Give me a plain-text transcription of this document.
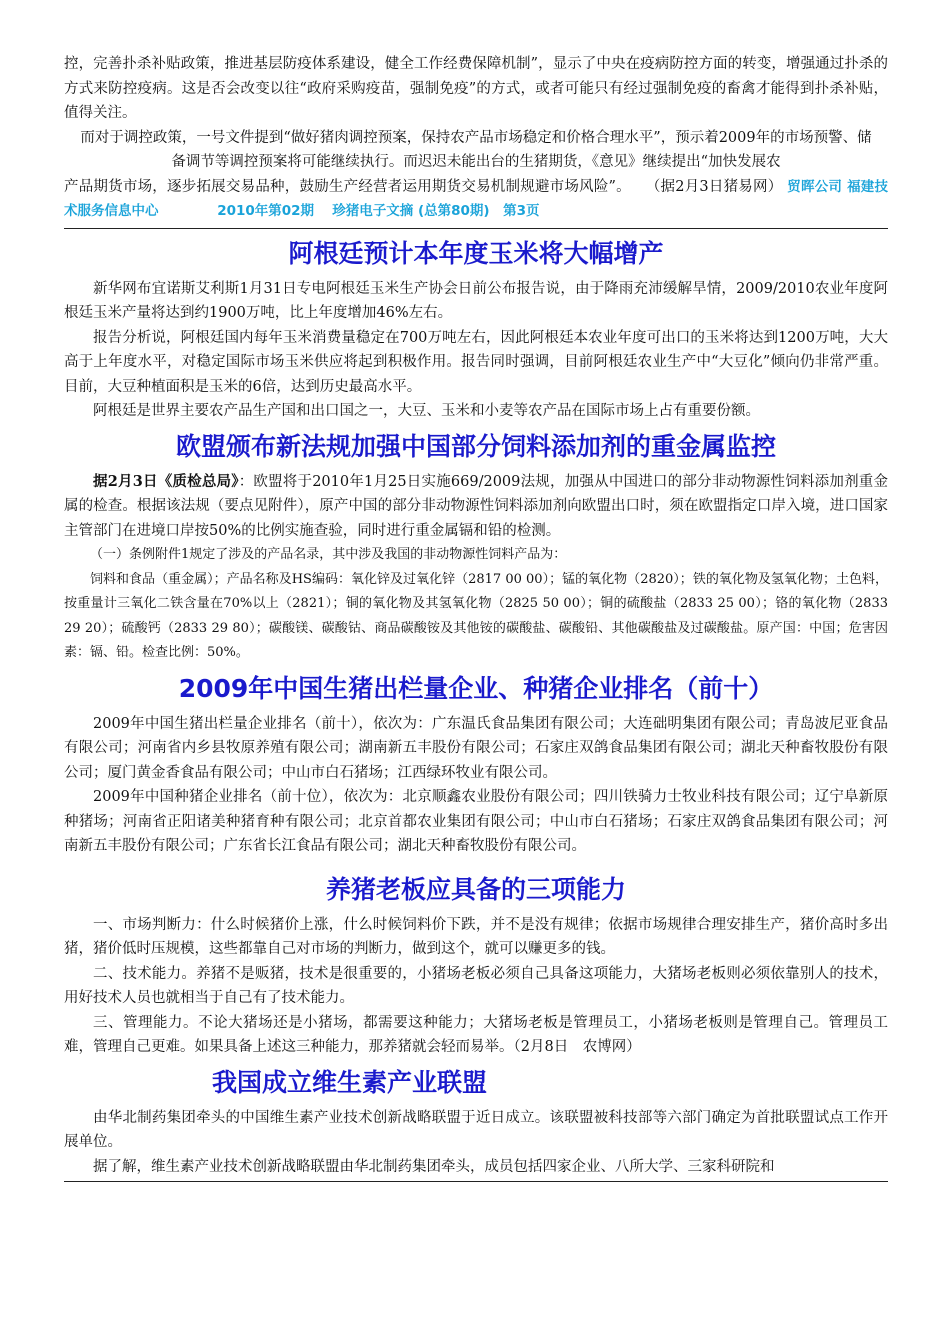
控，完善扑杀补贴政策，推进基层防疫体系建设，健全工作经费保障机制”，显示了中央在疫病防控方面的转变，增强通过扑杀的方式来防控疫病。这是否会改变以往“政府采购疫苗，强制免疫”的方式，或者可能只有经过强制免疫的畜禽才能得到扑杀补贴，值得关注。

而对于调控政策，一号文件提到“做好猪肉调控预案，保持农产品市场稳定和价格合理水平”，预示着2009年的市场预警、储备调节等调控预案将可能继续执行。而迟迟未能出台的生猪期货，《意见》继续提出“加快发展农

产品期货市场，逐步拓展交易品种，鼓励生产经营者运用期货交易机制规避市场风险”。　　（据2月3日猪易网） 贸晖公司 福建技术服务信息中心　　　　 2010年第02期　 珍猪电子文摘 (总第80期)　第3页

阿根廷预计本年度玉米将大幅增产

新华网布宜诺斯艾利斯1月31日专电阿根廷玉米生产协会日前公布报告说，由于降雨充沛缓解旱情，2009/2010农业年度阿根廷玉米产量将达到约1900万吨，比上年度增加46%左右。

报告分析说，阿根廷国内每年玉米消费量稳定在700万吨左右，因此阿根廷本农业年度可出口的玉米将达到1200万吨，大大高于上年度水平，对稳定国际市场玉米供应将起到积极作用。报告同时强调，目前阿根廷农业生产中“大豆化”倾向仍非常严重。目前，大豆种植面积是玉米的6倍，达到历史最高水平。

阿根廷是世界主要农产品生产国和出口国之一，大豆、玉米和小麦等农产品在国际市场上占有重要份额。

欧盟颁布新法规加强中国部分饲料添加剂的重金属监控

据2月3日《质检总局》：欧盟将于2010年1月25日实施669/2009法规，加强从中国进口的部分非动物源性饲料添加剂重金属的检查。根据该法规（要点见附件），原产中国的部分非动物源性饲料添加剂向欧盟出口时，须在欧盟指定口岸入境，进口国家主管部门在进境口岸按50%的比例实施查验，同时进行重金属镉和铅的检测。

（一）条例附件1规定了涉及的产品名录，其中涉及我国的非动物源性饲料产品为：

饲料和食品（重金属）；产品名称及HS编码：氧化锌及过氧化锌（2817 00 00）；锰的氧化物（2820）；铁的氧化物及氢氧化物；土色料，按重量计三氧化二铁含量在70%以上（2821）；铜的氧化物及其氢氧化物（2825 50 00）；铜的硫酸盐（2833 25 00）；铬的氧化物（2833 29 20）；硫酸钙（2833 29 80）；碳酸镁、碳酸钴、商品碳酸铵及其他铵的碳酸盐、碳酸铅、其他碳酸盐及过碳酸盐。原产国：中国；危害因素：镉、铅。检查比例：50%。

2009年中国生猪出栏量企业、种猪企业排名（前十）

2009年中国生猪出栏量企业排名（前十），依次为：广东温氏食品集团有限公司；大连础明集团有限公司；青岛波尼亚食品有限公司；河南省内乡县牧原养殖有限公司；湖南新五丰股份有限公司；石家庄双鸽食品集团有限公司；湖北天种畜牧股份有限公司；厦门黄金香食品有限公司；中山市白石猪场；江西绿环牧业有限公司。

2009年中国种猪企业排名（前十位），依次为：北京顺鑫农业股份有限公司；四川铁骑力士牧业科技有限公司；辽宁阜新原种猪场；河南省正阳诸美种猪育种有限公司；北京首都农业集团有限公司；中山市白石猪场；石家庄双鸽食品集团有限公司；河南新五丰股份有限公司；广东省长江食品有限公司；湖北天种畜牧股份有限公司。

养猪老板应具备的三项能力

一、市场判断力：什么时候猪价上涨，什么时候饲料价下跌，并不是没有规律；依据市场规律合理安排生产，猪价高时多出猪，猪价低时压规模，这些都靠自己对市场的判断力，做到这个，就可以赚更多的钱。

二、技术能力。养猪不是贩猪，技术是很重要的，小猪场老板必须自己具备这项能力，大猪场老板则必须依靠别人的技术，用好技术人员也就相当于自己有了技术能力。

三、管理能力。不论大猪场还是小猪场，都需要这种能力；大猪场老板是管理员工，小猪场老板则是管理自己。管理员工难，管理自己更难。如果具备上述这三种能力，那养猪就会轻而易举。（2月8日　农博网）

我国成立维生素产业联盟

由华北制药集团牵头的中国维生素产业技术创新战略联盟于近日成立。该联盟被科技部等六部门确定为首批联盟试点工作开展单位。

据了解，维生素产业技术创新战略联盟由华北制药集团牵头，成员包括四家企业、八所大学、三家科研院和
